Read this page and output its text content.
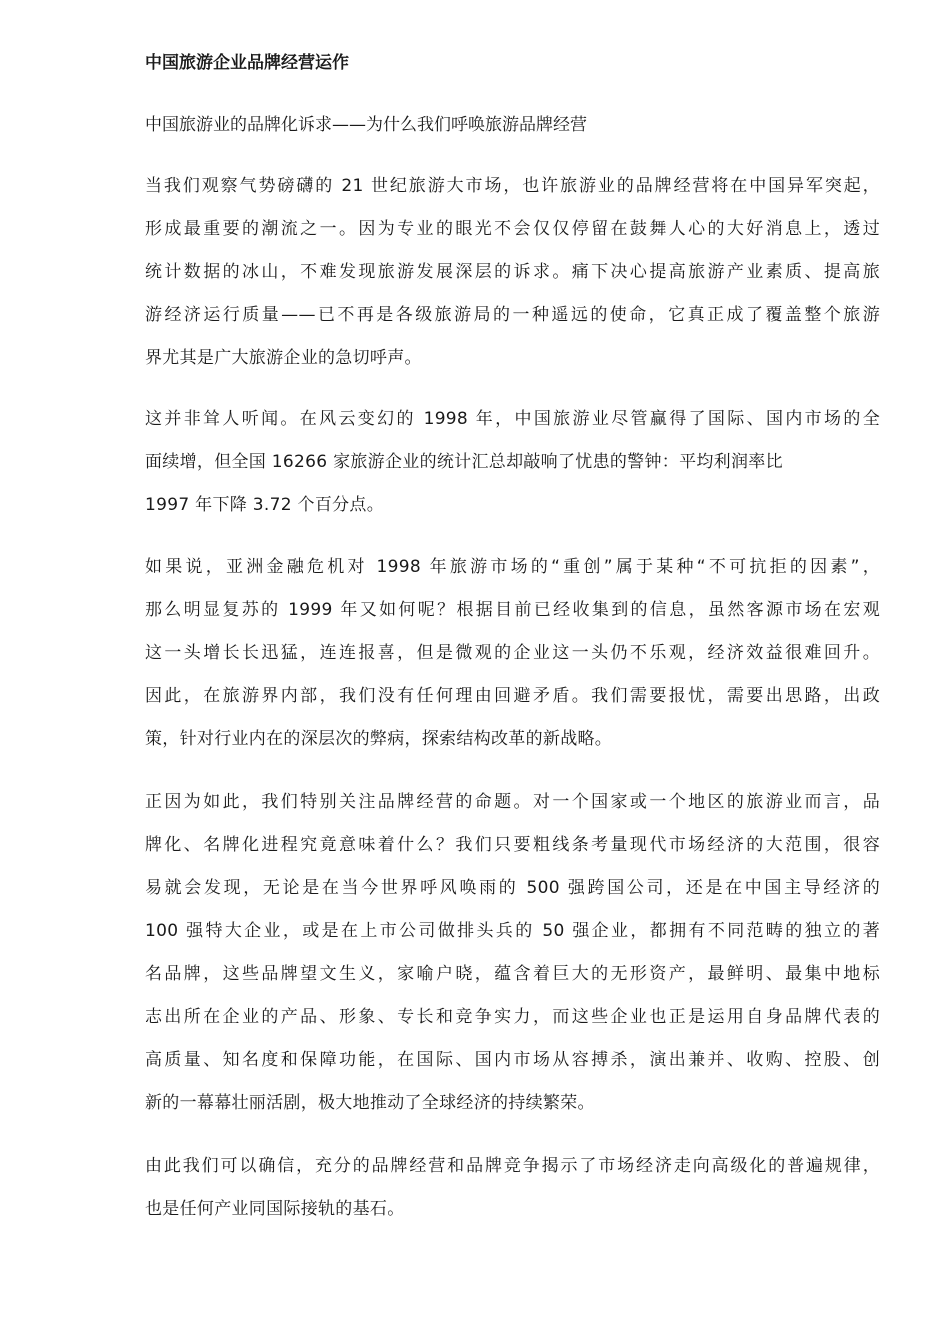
中国旅游企业品牌经营运作
中国旅游业的品牌化诉求——为什么我们呼唤旅游品牌经营

当我们观察气势磅礴的 21 世纪旅游大市场，也许旅游业的品牌经营将在中国异军突起，
形成最重要的潮流之一。因为专业的眼光不会仅仅停留在鼓舞人心的大好消息上，透过
统计数据的冰山，不难发现旅游发展深层的诉求。痛下决心提高旅游产业素质、提高旅
游经济运行质量——已不再是各级旅游局的一种遥远的使命，它真正成了覆盖整个旅游
界尤其是广大旅游企业的急切呼声。

这并非耸人听闻。在风云变幻的 1998 年，中国旅游业尽管赢得了国际、国内市场的全
面续增，但全国 16266 家旅游企业的统计汇总却敲响了忧患的警钟：平均利润率比
1997 年下降 3.72 个百分点。

如果说，亚洲金融危机对 1998 年旅游市场的“重创”属于某种“不可抗拒的因素”，
那么明显复苏的 1999 年又如何呢？根据目前已经收集到的信息，虽然客源市场在宏观
这一头增长长迅猛，连连报喜，但是微观的企业这一头仍不乐观，经济效益很难回升。
因此，在旅游界内部，我们没有任何理由回避矛盾。我们需要报忧，需要出思路，出政
策，针对行业内在的深层次的弊病，探索结构改革的新战略。

正因为如此，我们特别关注品牌经营的命题。对一个国家或一个地区的旅游业而言，品
牌化、名牌化进程究竟意味着什么？我们只要粗线条考量现代市场经济的大范围，很容
易就会发现，无论是在当今世界呼风唤雨的 500 强跨国公司，还是在中国主导经济的
100 强特大企业，或是在上市公司做排头兵的 50 强企业，都拥有不同范畴的独立的著
名品牌，这些品牌望文生义，家喻户晓，蕴含着巨大的无形资产，最鲜明、最集中地标
志出所在企业的产品、形象、专长和竞争实力，而这些企业也正是运用自身品牌代表的
高质量、知名度和保障功能，在国际、国内市场从容搏杀，演出兼并、收购、控股、创
新的一幕幕壮丽活剧，极大地推动了全球经济的持续繁荣。

由此我们可以确信，充分的品牌经营和品牌竞争揭示了市场经济走向高级化的普遍规律，
也是任何产业同国际接轨的基石。
